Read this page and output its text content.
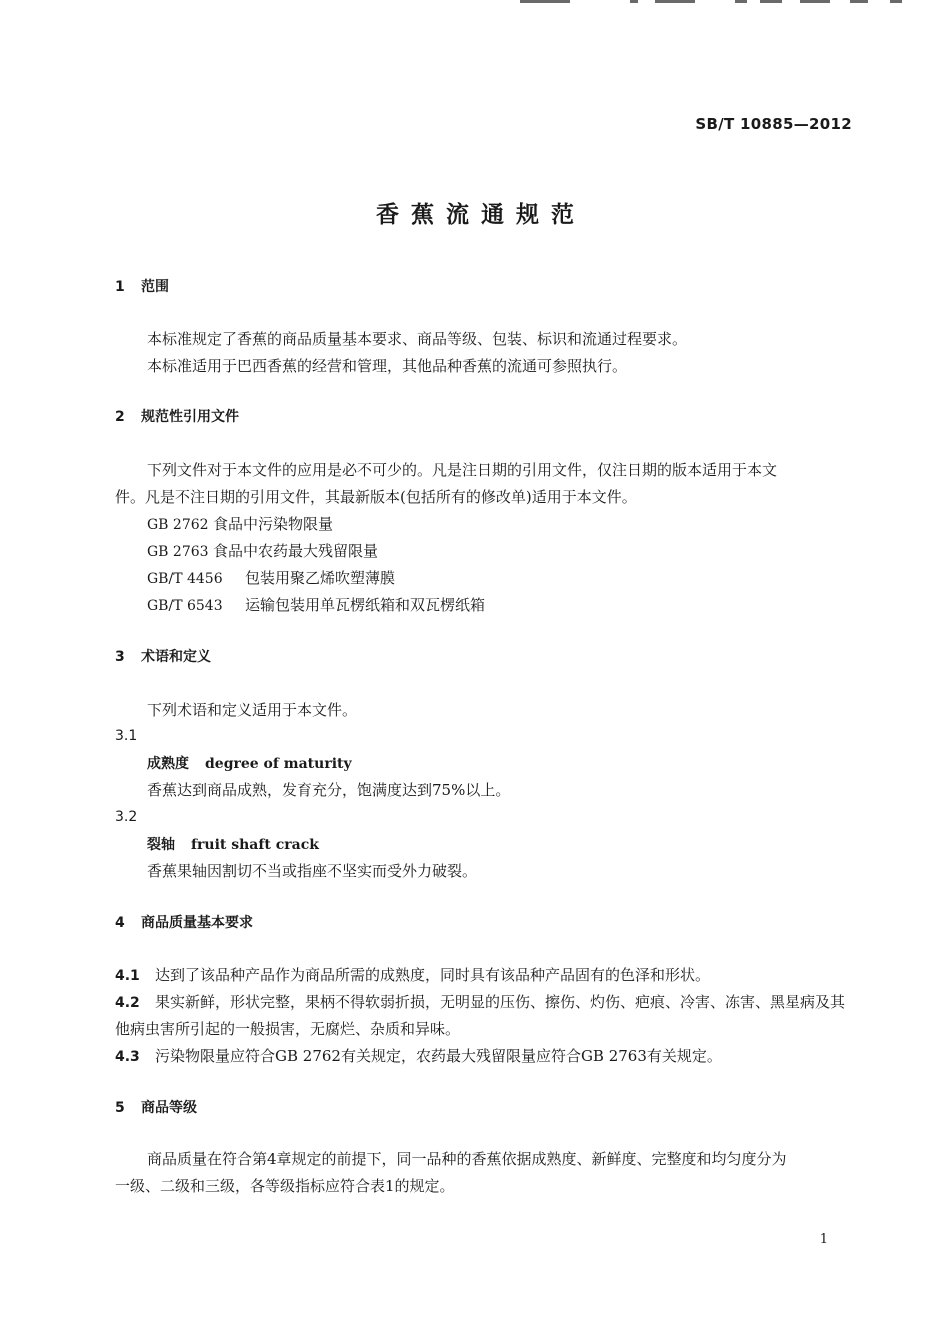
SB/T 10885—2012
香蕉流通规范
1 范围
本标准规定了香蕉的商品质量基本要求、商品等级、包装、标识和流通过程要求。
本标准适用于巴西香蕉的经营和管理，其他品种香蕉的流通可参照执行。
2 规范性引用文件
下列文件对于本文件的应用是必不可少的。凡是注日期的引用文件，仅注日期的版本适用于本文
件。凡是不注日期的引用文件，其最新版本(包括所有的修改单)适用于本文件。
GB 2762 食品中污染物限量
GB 2763 食品中农药最大残留限量
GB/T 4456 包装用聚乙烯吹塑薄膜
GB/T 6543 运输包装用单瓦楞纸箱和双瓦楞纸箱
3 术语和定义
下列术语和定义适用于本文件。
3.1
成熟度 degree of maturity
香蕉达到商品成熟，发育充分，饱满度达到75%以上。
3.2
裂轴 fruit shaft crack
香蕉果轴因割切不当或指座不坚实而受外力破裂。
4 商品质量基本要求
4.1 达到了该品种产品作为商品所需的成熟度，同时具有该品种产品固有的色泽和形状。
4.2 果实新鲜，形状完整，果柄不得软弱折损，无明显的压伤、擦伤、灼伤、疤痕、冷害、冻害、黑星病及其
他病虫害所引起的一般损害，无腐烂、杂质和异味。
4.3 污染物限量应符合GB 2762有关规定，农药最大残留限量应符合GB 2763有关规定。
5 商品等级
商品质量在符合第4章规定的前提下，同一品种的香蕉依据成熟度、新鲜度、完整度和均匀度分为
一级、二级和三级，各等级指标应符合表1的规定。
1
